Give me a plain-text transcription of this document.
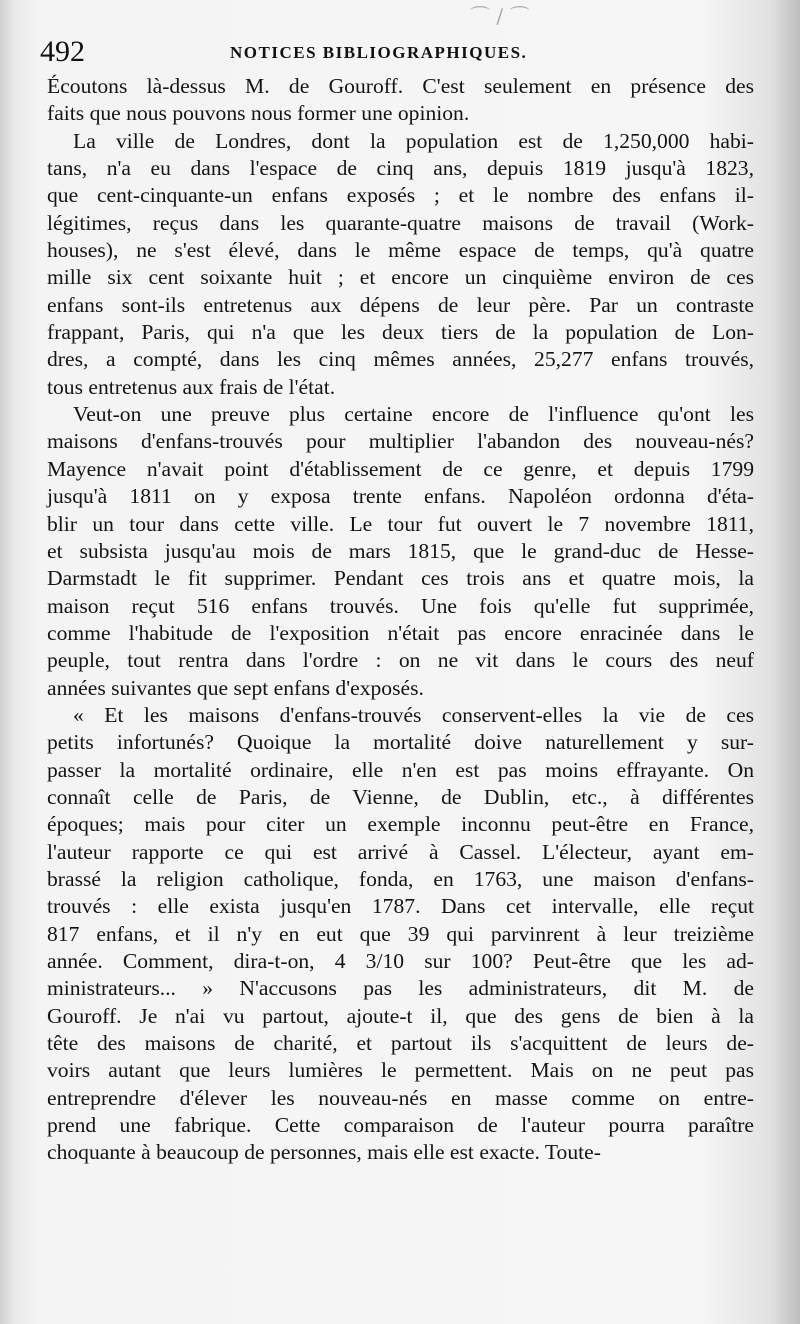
⌒ ∕ ⌒
492	NOTICES BIBLIOGRAPHIQUES.
Écoutons là-dessus M. de Gouroff. C'est seulement en présence des
faits que nous pouvons nous former une opinion.
La ville de Londres, dont la population est de 1,250,000 habi-
tans, n'a eu dans l'espace de cinq ans, depuis 1819 jusqu'à 1823,
que cent-cinquante-un enfans exposés ; et le nombre des enfans il-
légitimes, reçus dans les quarante-quatre maisons de travail (Work-
houses), ne s'est élevé, dans le même espace de temps, qu'à quatre
mille six cent soixante huit ; et encore un cinquième environ de ces
enfans sont-ils entretenus aux dépens de leur père. Par un contraste
frappant, Paris, qui n'a que les deux tiers de la population de Lon-
dres, a compté, dans les cinq mêmes années, 25,277 enfans trouvés,
tous entretenus aux frais de l'état.
Veut-on une preuve plus certaine encore de l'influence qu'ont les
maisons d'enfans-trouvés pour multiplier l'abandon des nouveau-nés?
Mayence n'avait point d'établissement de ce genre, et depuis 1799
jusqu'à 1811 on y exposa trente enfans. Napoléon ordonna d'éta-
blir un tour dans cette ville. Le tour fut ouvert le 7 novembre 1811,
et subsista jusqu'au mois de mars 1815, que le grand-duc de Hesse-
Darmstadt le fit supprimer. Pendant ces trois ans et quatre mois, la
maison reçut 516 enfans trouvés. Une fois qu'elle fut supprimée,
comme l'habitude de l'exposition n'était pas encore enracinée dans le
peuple, tout rentra dans l'ordre : on ne vit dans le cours des neuf
années suivantes que sept enfans d'exposés.
« Et les maisons d'enfans-trouvés conservent-elles la vie de ces
petits infortunés? Quoique la mortalité doive naturellement y sur-
passer la mortalité ordinaire, elle n'en est pas moins effrayante. On
connaît celle de Paris, de Vienne, de Dublin, etc., à différentes
époques; mais pour citer un exemple inconnu peut-être en France,
l'auteur rapporte ce qui est arrivé à Cassel. L'électeur, ayant em-
brassé la religion catholique, fonda, en 1763, une maison d'enfans-
trouvés : elle exista jusqu'en 1787. Dans cet intervalle, elle reçut
817 enfans, et il n'y en eut que 39 qui parvinrent à leur treizième
année. Comment, dira-t-on, 4 3/10 sur 100? Peut-être que les ad-
ministrateurs... » N'accusons pas les administrateurs, dit M. de
Gouroff. Je n'ai vu partout, ajoute-t il, que des gens de bien à la
tête des maisons de charité, et partout ils s'acquittent de leurs de-
voirs autant que leurs lumières le permettent. Mais on ne peut pas
entreprendre d'élever les nouveau-nés en masse comme on entre-
prend une fabrique. Cette comparaison de l'auteur pourra paraître
choquante à beaucoup de personnes, mais elle est exacte. Toute-
